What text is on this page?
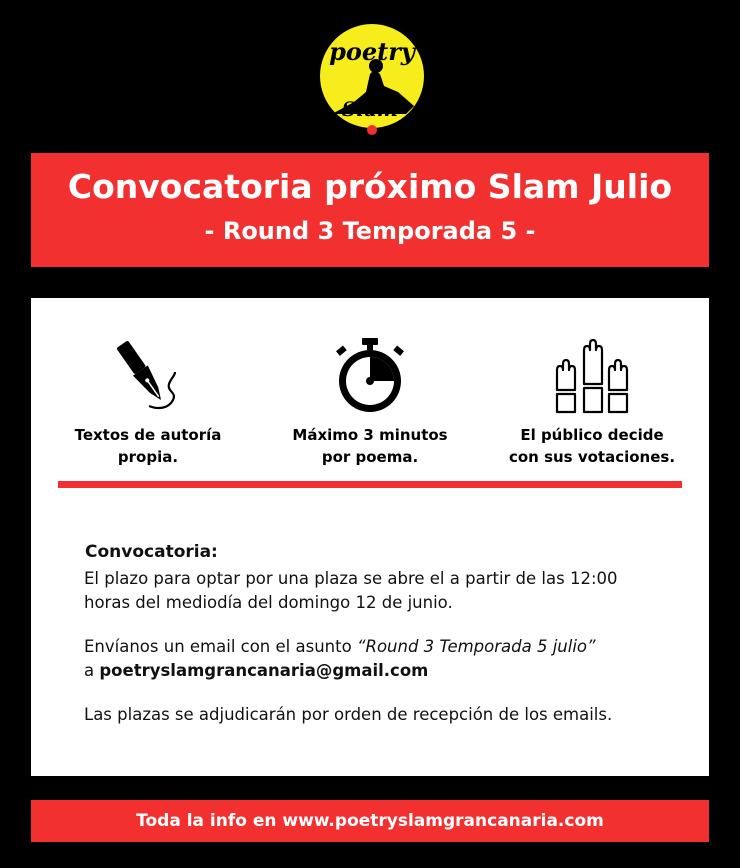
poetry
Slam
Convocatoria próximo Slam Julio
- Round 3 Temporada 5 -
Textos de autoría
propia.
Máximo 3 minutos
por poema.
El público decide
con sus votaciones.
Convocatoria:

El plazo para optar por una plaza se abre el a partir de las 12:00
horas del mediodía del domingo 12 de junio.

Envíanos un email con el asunto “Round 3 Temporada 5 julio”
a poetryslamgrancanaria@gmail.com

Las plazas se adjudicarán por orden de recepción de los emails.

Toda la info en www.poetryslamgrancanaria.com
